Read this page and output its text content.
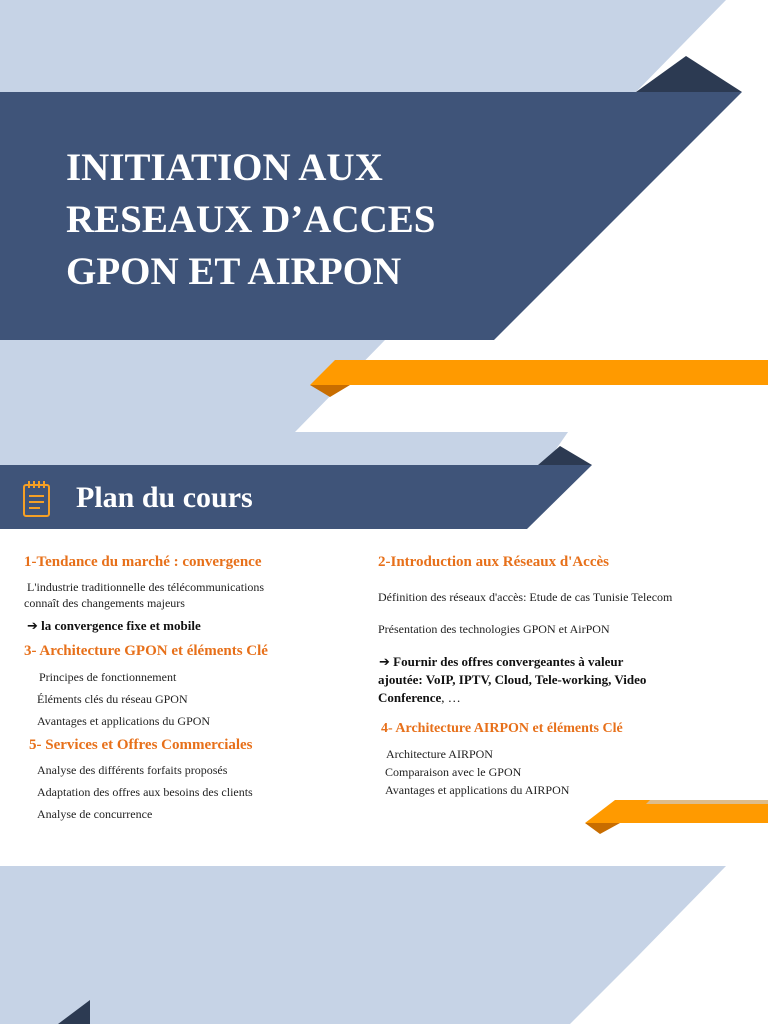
INITIATION AUX
RESEAUX D’ACCES
GPON ET AIRPON
Plan du cours

1-Tendance du marché : convergence

L'industrie traditionnelle des télécommunications

connaît des changements majeurs

➔ la convergence fixe et mobile

3- Architecture GPON et éléments Clé

Principes de fonctionnement

Éléments clés du réseau GPON

Avantages et applications du GPON

5- Services et Offres Commerciales

Analyse des différents forfaits proposés

Adaptation des offres aux besoins des clients

Analyse de concurrence

2-Introduction aux Réseaux d'Accès

Définition des réseaux d'accès: Etude de cas Tunisie Telecom

Présentation des technologies GPON et AirPON

➔ Fournir des offres convergeantes à valeur

ajoutée: VoIP, IPTV, Cloud, Tele-working, Video

Conference, …

4- Architecture AIRPON et éléments Clé

Architecture AIRPON

Comparaison avec le GPON

Avantages et applications du AIRPON

2
